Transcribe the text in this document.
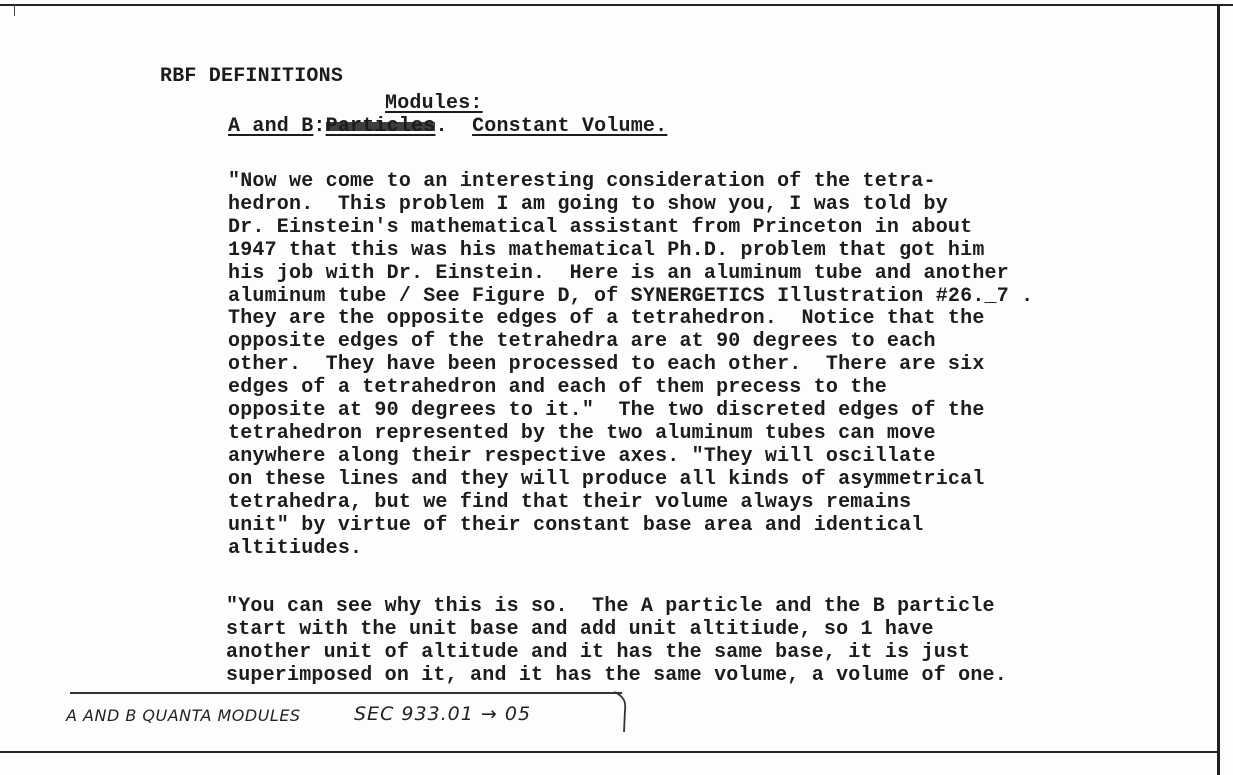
RBF DEFINITIONS
Modules:
A and B:	.  Constant Volume.
"Now we come to an interesting consideration of the tetra-
hedron.  This problem I am going to show you, I was told by
Dr. Einstein's mathematical assistant from Princeton in about
1947 that this was his mathematical Ph.D. problem that got him
his job with Dr. Einstein.  Here is an aluminum tube and another
aluminum tube / See Figure D, of SYNERGETICS Illustration #26._7 .
They are the opposite edges of a tetrahedron.  Notice that the
opposite edges of the tetrahedra are at 90 degrees to each
other.  They have been processed to each other.  There are six
edges of a tetrahedron and each of them precess to the
opposite at 90 degrees to it."  The two discreted edges of the
tetrahedron represented by the two aluminum tubes can move
anywhere along their respective axes. "They will oscillate
on these lines and they will produce all kinds of asymmetrical
tetrahedra, but we find that their volume always remains
unit" by virtue of their constant base area and identical
altitiudes.
"You can see why this is so.  The A particle and the B particle
start with the unit base and add unit altitiude, so 1 have
another unit of altitude and it has the same base, it is just
superimposed on it, and it has the same volume, a volume of one.
A AND B QUANTA MODULES	SEC 933.01 → 05
